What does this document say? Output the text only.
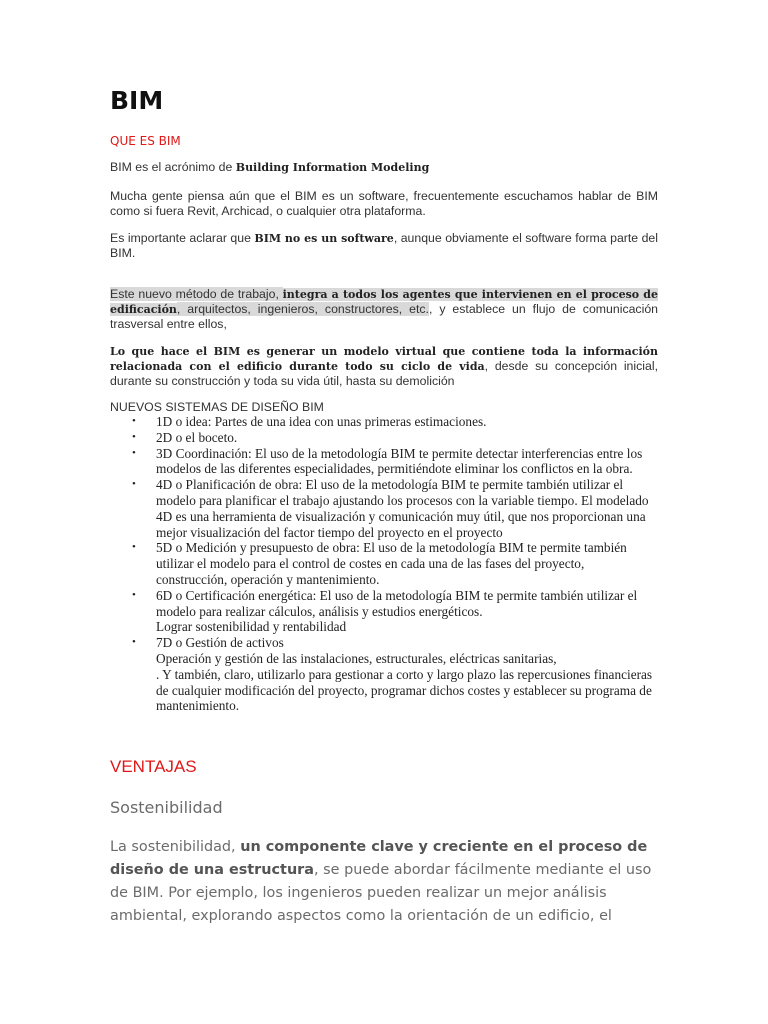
BIM
QUE ES BIM
BIM es el acrónimo de Building Information Modeling
Mucha gente piensa aún que el BIM es un software, frecuentemente escuchamos hablar de BIM como si fuera Revit, Archicad, o cualquier otra plataforma.
Es importante aclarar que BIM no es un software, aunque obviamente el software forma parte del BIM.
Este nuevo método de trabajo, integra a todos los agentes que intervienen en el proceso de edificación, arquitectos, ingenieros, constructores, etc., y establece un flujo de comunicación trasversal entre ellos,
Lo que hace el BIM es generar un modelo virtual que contiene toda la información relacionada con el edificio durante todo su ciclo de vida, desde su concepción inicial, durante su construcción y toda su vida útil, hasta su demolición
NUEVOS SISTEMAS DE DISEÑO BIM
• 1D o idea: Partes de una idea con unas primeras estimaciones.
• 2D o el boceto.
• 3D Coordinación: El uso de la metodología BIM te permite detectar interferencias entre los modelos de las diferentes especialidades, permitiéndote eliminar los conflictos en la obra.
• 4D o Planificación de obra: El uso de la metodología BIM te permite también utilizar el modelo para planificar el trabajo ajustando los procesos con la variable tiempo. El modelado 4D es una herramienta de visualización y comunicación muy útil, que nos proporcionan una mejor visualización del factor tiempo del proyecto en el proyecto
• 5D o Medición y presupuesto de obra: El uso de la metodología BIM te permite también utilizar el modelo para el control de costes en cada una de las fases del proyecto, construcción, operación y mantenimiento.
• 6D o Certificación energética: El uso de la metodología BIM te permite también utilizar el modelo para realizar cálculos, análisis y estudios energéticos.
Lograr sostenibilidad y rentabilidad
• 7D o Gestión de activos
Operación y gestión de las instalaciones, estructurales, eléctricas sanitarias,
. Y también, claro, utilizarlo para gestionar a corto y largo plazo las repercusiones financieras de cualquier modificación del proyecto, programar dichos costes y establecer su programa de mantenimiento.
VENTAJAS
Sostenibilidad
La sostenibilidad, un componente clave y creciente en el proceso de diseño de una estructura, se puede abordar fácilmente mediante el uso de BIM. Por ejemplo, los ingenieros pueden realizar un mejor análisis ambiental, explorando aspectos como la orientación de un edificio, el
